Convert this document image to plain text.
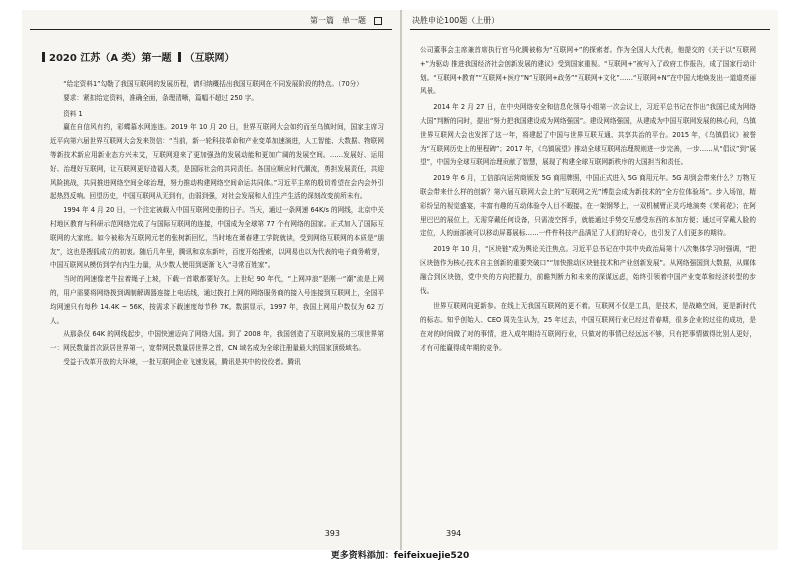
第一篇　单一题
2020 江苏（A 类）第一题 （互联网）

“给定资料1”勾勒了我国互联网的发展历程，请归纳概括出我国互联网在不同发展阶段的特点。（70分）

要求：紧扣给定资料，准确全面，条理清晰，篇幅不超过 250 字。

资料 1

赢在自信风有约，彩蝶慕水网连连。2019 年 10 月 20 日，世界互联网大会如约而至乌镇时间，国家主席习近平向第六届世界互联网大会发来贺信：“当前，新一轮科技革命和产业变革加速演进，人工智能、大数据、物联网等新技术新应用新业态方兴未艾，互联网迎来了更加强劲的发展动能和更加广阔的发展空间。……发展好、运用好、治理好互联网，让互联网更好造福人类，是国际社会的共同责任。各国应顺应时代潮流，勇担发展责任，共迎风险挑战，共同推进网络空间全球治理，努力推动构建网络空间命运共同体。”习近平主席的殷切希望在会内会外引起热烈反响。回望历史，中国互联网从无到有，由弱到强，对社会发展和人们生产生活的深刻改变前所未有。

1994 年 4 月 20 日，一个注定被载入中国互联网史册的日子。当天，通过一条网速 64K/s 的网线，北京中关村地区教育与科研示范网络完成了与国际互联网的连接，中国成为全球第 77 个有网络的国家。正式加入了国际互联网的大家庭。如今被称为互联网元老的张树新回忆，当时地在萧春建工学院就读，受到网络互联网的本质是“朋友”，这也是搜狐成立的初衷。随后几年里，腾讯和京东新叶，百度开始搜索，以网易也以为代表的电子商务萌芽，中国互联网从模仿到学有内生力量，从少数人使用到逐渐飞入“寻常百姓家”。

当时的网速像老牛拉着绳子上坡，下载一首歌都要好久。上世纪 90 年代，“上网冲浪”是刚一“潮”流是上网的，用户需要将网络拨到调制解调器连接上电话线，通过拨打上网的网络服务商的接入号连接到互联网上，全国平均网速只有每秒 14.4K ~ 56K，按需求下载速度每节秒 7K。数据显示，1997 年，我国上网用户数仅为 62 万人。

从那条仅 64K 的网线起步，中国快速迈向了网络大国。到了 2008 年，我国创造了互联网发展的三项世界第一：网民数量首次跃居世界第一，宽带网民数量居世界之首，CN 域名成为全球注册量最大的国家顶级域名。

受益于改革开放的大环境，一批互联网企业飞速发展，腾讯是其中的佼佼者。腾讯

393
决胜申论100题（上册）

公司董事会主席兼首席执行官马化腾被称为“互联网+”的探索者。作为全国人大代表，他提交的《关于以“互联网+”为驱动 推进我国经济社会创新发展的建议》受到国家重视。“互联网+”被写入了政府工作报告，成了国家行动计划。“互联网+教育”“互联网+医疗”N“互联网+政务”“互联网+文化”……“互联网+N”在中国大地焕发出一道道亮丽风景。

2014 年 2 月 27 日，在中央网络安全和信息化领导小组第一次会议上，习近平总书记在作出“我国已成为网络大国”判断的同时，提出“努力把我国建设成为网络强国”。建设网络强国，从建成为中国互联网发展的核心问，乌镇世界互联网大会也发挥了这一年，将建起了中国与世界互联互通、共享共治的平台。2015 年，《乌镇倡议》被誉为“互联网历史上的里程碑”；2017 年，《乌镇展望》推动全球互联网治理规则进一步完善，一步……从“倡议”到“展望”，中国为全球互联网治理贡献了智慧，展现了构建全球互联网新秩序的大国担当和责任。

2019 年 6 月，工信部向运营商颁发 5G 商用牌照，中国正式进入 5G 商用元年。5G 却到会带来什么？万物互联会带来什么样的创新？第六届互联网大会上的“互联网之光”博览会成为新技术的“全方位体验场”。步入场馆，精彩纷呈的视觉盛宴，丰富有趣的互动体验令人目不暇接。在一架钢琴上，一双机械臂正灵巧地演奏《茉莉花》；在阿里巴巴的展位上，无需穿戴任何设备，只需凌空挥手，就能通过手势交互感受东西的本加方便；通过可穿戴人脸的定位，人的面部被可以移动屏幕展标……一件件科技产品满足了人们的好奇心，也引发了人们更多的期待。

2019 年 10 月，“区块链”成为舆论关注焦点。习近平总书记在中共中央政治局第十八次集体学习时强调，“把区块链作为核心技术自主创新的重要突破口”“加快推动区块链技术和产业创新发展”。从网络强国到大数据，从媒体融合到区块链，党中央的方向把握力，前瞻判断力和未来的深谋远虑，始终引领着中国产业变革和经济转型的步伐。

世界互联网向更新参。在线上无我国互联网的更不着。互联网不仅是工具，是技术，是战略空间，更是新时代的标志。知乎创始人、CEO 周先生认为，25 年过去，中国互联网行业已经过青春期，很多企业的过往的成功，是在对的时间做了对的事情，进入成年期待互联网行业，只做对的事情已经远远不够，只有把事情做得比别人更好，才有可能赢得成年期的竞争。

394
更多资料添加：feifeixuejie520
